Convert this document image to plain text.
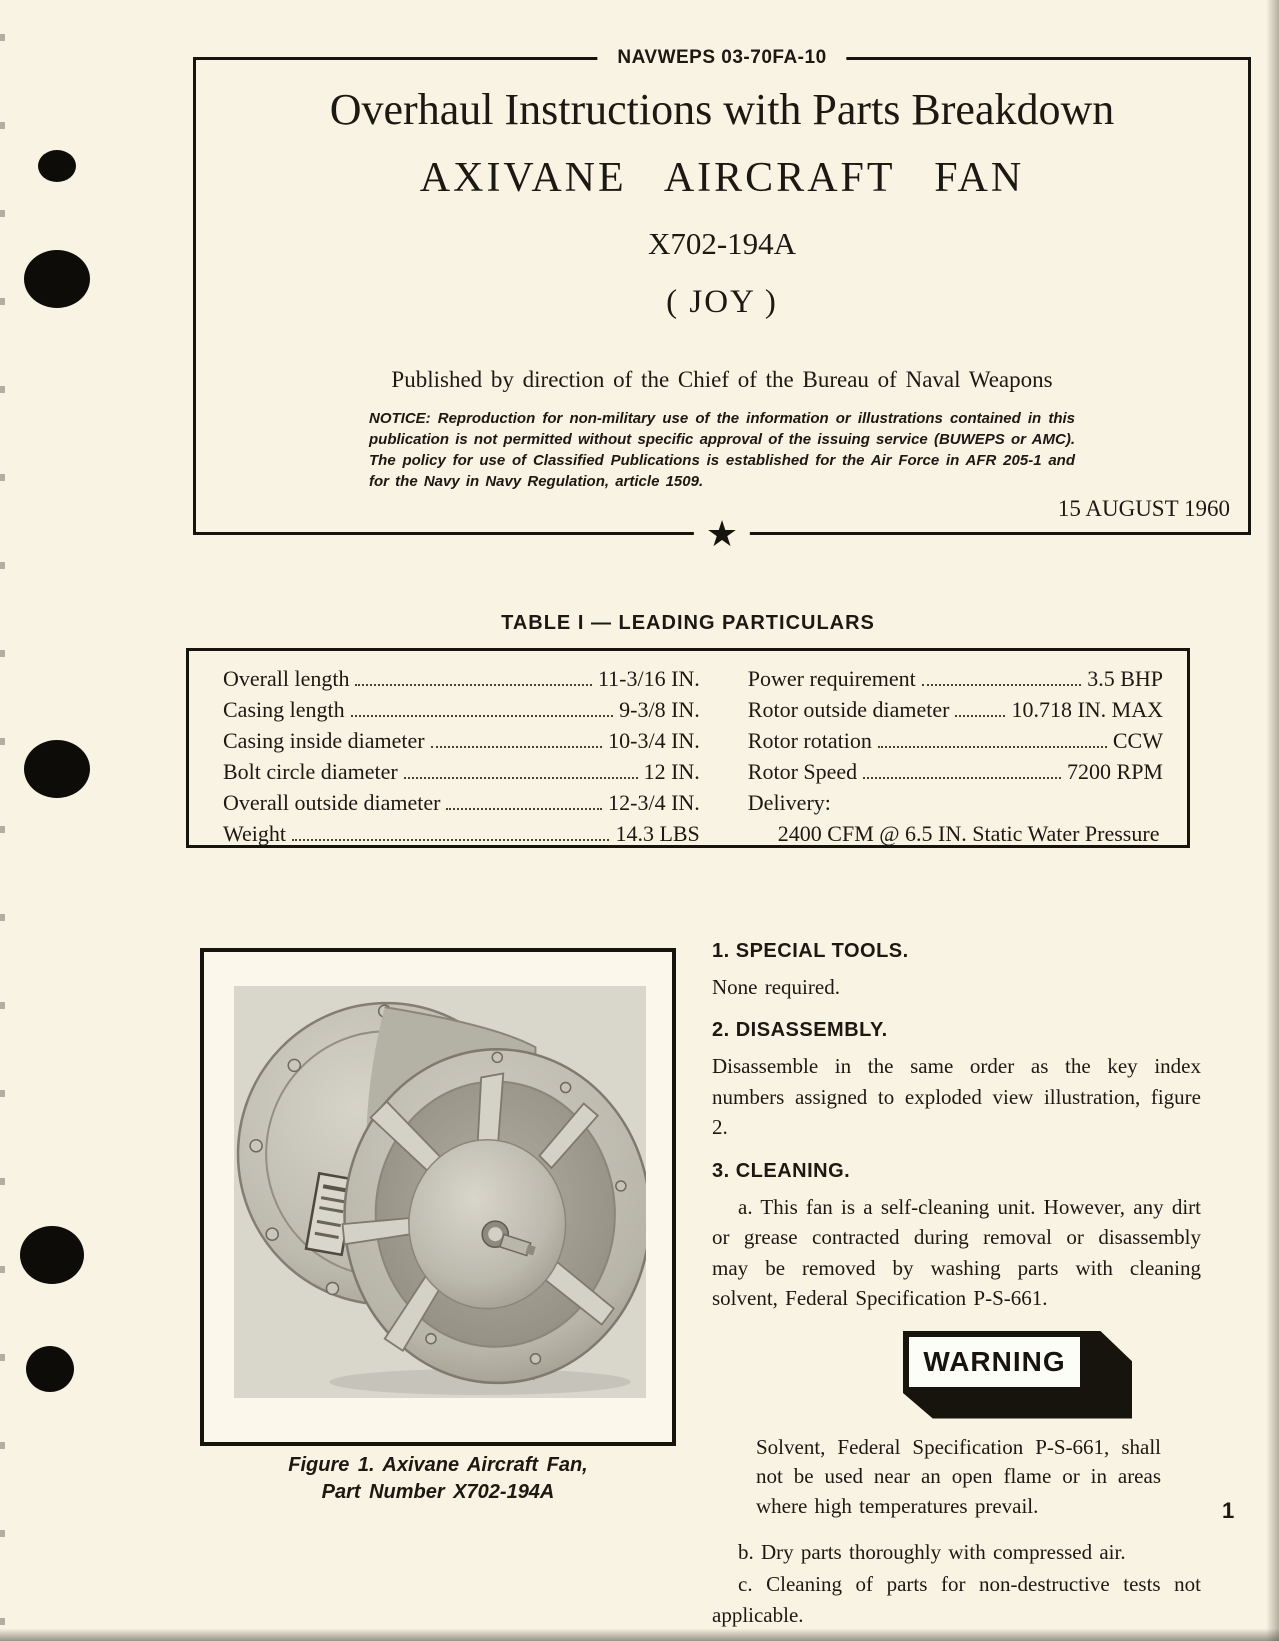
NAVWEPS 03-70FA-10
Overhaul Instructions with Parts Breakdown
AXIVANE AIRCRAFT FAN
X702-194A
( JOY )
Published by direction of the Chief of the Bureau of Naval Weapons
NOTICE: Reproduction for non-military use of the information or illustrations contained in this publication is not permitted without specific approval of the issuing service (BUWEPS or AMC). The policy for use of Classified Publications is established for the Air Force in AFR 205-1 and for the Navy in Navy Regulation, article 1509.
15 AUGUST 1960
★
TABLE I — LEADING PARTICULARS
Overall length	11-3/16 IN.
Casing length	9-3/8 IN.
Casing inside diameter	10-3/4 IN.
Bolt circle diameter	12 IN.
Overall outside diameter	12-3/4 IN.
Weight	14.3 LBS
Power requirement	3.5 BHP
Rotor outside diameter	10.718 IN. MAX
Rotor rotation	CCW
Rotor Speed	7200 RPM
Delivery:
2400 CFM @ 6.5 IN. Static Water Pressure
Figure 1. Axivane Aircraft Fan,
Part Number X702-194A
1. SPECIAL TOOLS.
None required.
2. DISASSEMBLY.
Disassemble in the same order as the key index numbers assigned to exploded view illustration, figure 2.
3. CLEANING.
a. This fan is a self-cleaning unit. However, any dirt or grease contracted during removal or disassembly may be removed by washing parts with cleaning solvent, Federal Specification P-S-661.
WARNING
Solvent, Federal Specification P-S-661, shall not be used near an open flame or in areas where high temperatures prevail.
b. Dry parts thoroughly with compressed air.
c. Cleaning of parts for non-destructive tests not applicable.
1
